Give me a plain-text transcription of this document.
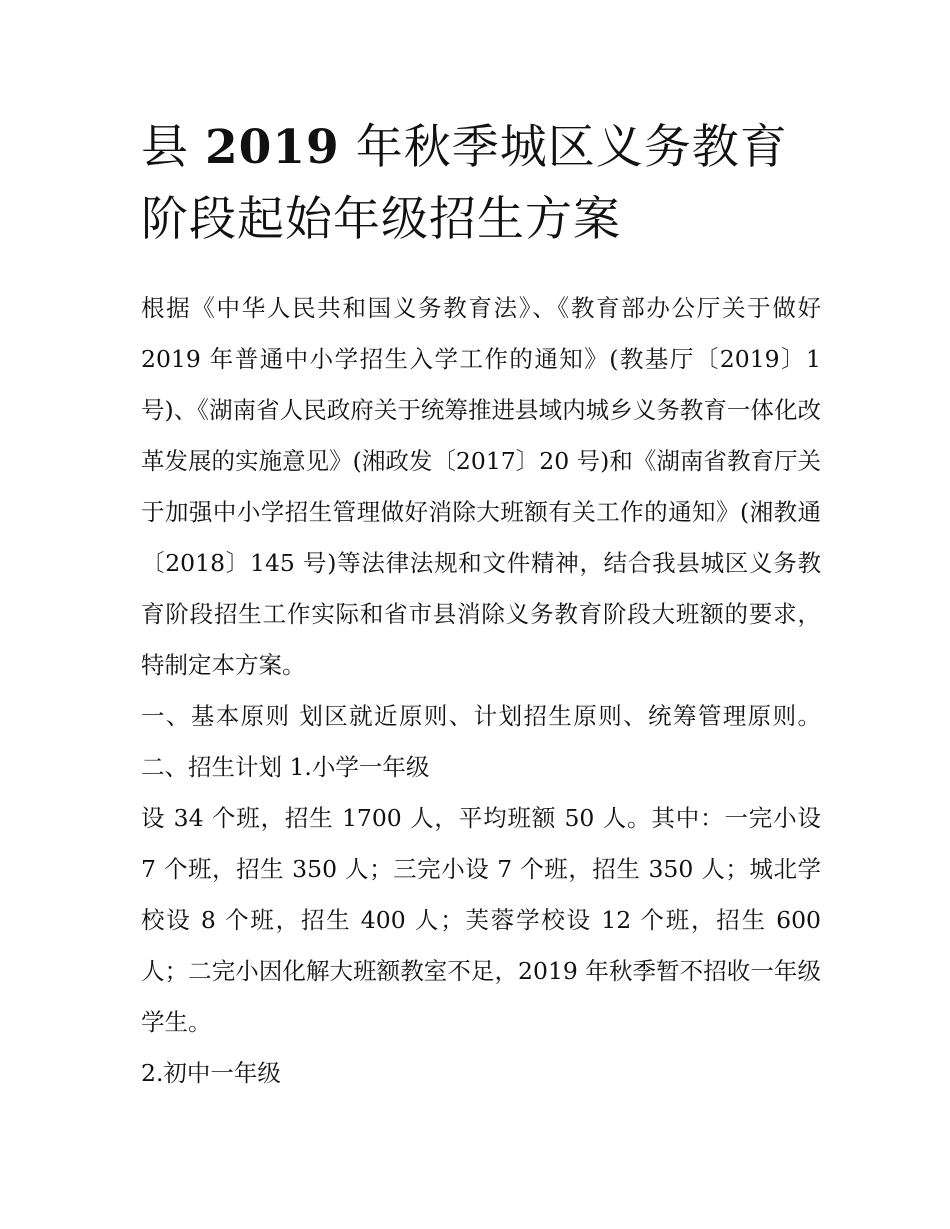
县 2019 年秋季城区义务教育阶段起始年级招生方案

根据《中华人民共和国义务教育法》、《教育部办公厅关于做好 2019 年普通中小学招生入学工作的通知》(教基厅〔2019〕1 号)、《湖南省人民政府关于统筹推进县域内城乡义务教育一体化改革发展的实施意见》(湘政发〔2017〕20 号)和《湖南省教育厅关于加强中小学招生管理做好消除大班额有关工作的通知》(湘教通〔2018〕145 号)等法律法规和文件精神，结合我县城区义务教育阶段招生工作实际和省市县消除义务教育阶段大班额的要求，特制定本方案。

一、基本原则 划区就近原则、计划招生原则、统筹管理原则。 二、招生计划 1.小学一年级

设 34 个班，招生 1700 人，平均班额 50 人。其中：一完小设 7 个班，招生 350 人；三完小设 7 个班，招生 350 人；城北学校设 8 个班，招生 400 人；芙蓉学校设 12 个班，招生 600 人；二完小因化解大班额教室不足，2019 年秋季暂不招收一年级学生。

2.初中一年级
